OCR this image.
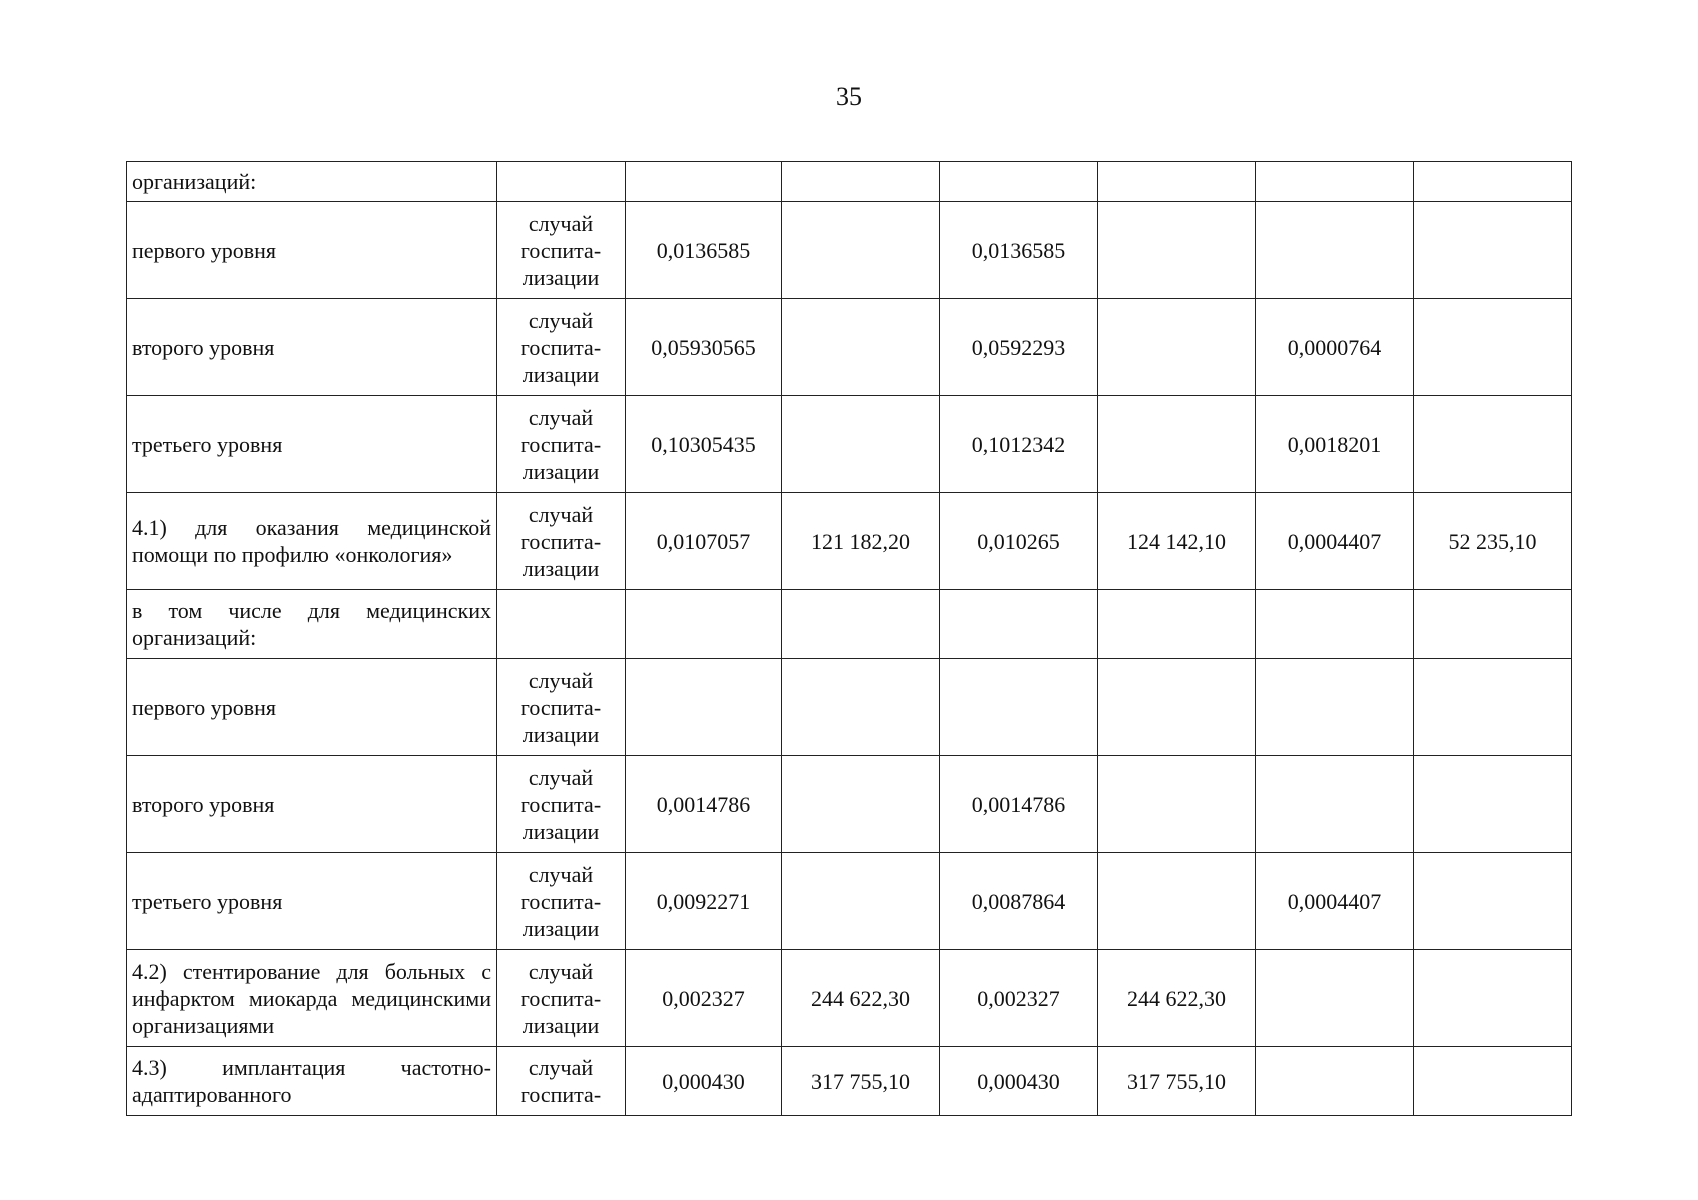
35
организаций:							
первого уровня	случай госпита-лизации	0,0136585		0,0136585			
второго уровня	случай госпита-лизации	0,05930565		0,0592293		0,0000764	
третьего уровня	случай госпита-лизации	0,10305435		0,1012342		0,0018201	
4.1) для оказания медицинской помощи по профилю «онкология»	случай госпита-лизации	0,0107057	121 182,20	0,010265	124 142,10	0,0004407	52 235,10
в том числе для медицинских организаций:							
первого уровня	случай госпита-лизации						
второго уровня	случай госпита-лизации	0,0014786		0,0014786			
третьего уровня	случай госпита-лизации	0,0092271		0,0087864		0,0004407	
4.2) стентирование для больных с инфарктом миокарда медицинскими организациями	случай госпита-лизации	0,002327	244 622,30	0,002327	244 622,30		
4.3) имплантация частотно-адаптированного	случай госпита-	0,000430	317 755,10	0,000430	317 755,10		
